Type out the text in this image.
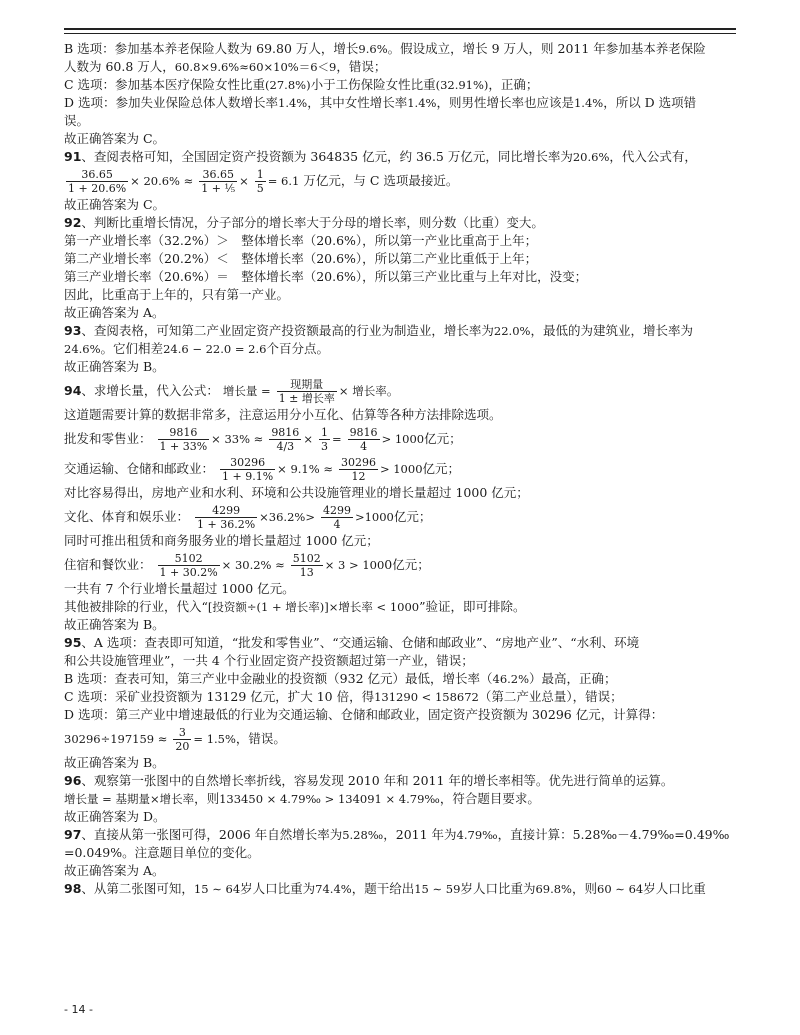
B 选项：参加基本养老保险人数为 69.80 万人，增长9.6%。假设成立，增长 9 万人，则 2011 年参加基本养老保险
人数为 60.8 万人，60.8×9.6%≈60×10%＝6＜9，错误；
C 选项：参加基本医疗保险女性比重(27.8%)小于工伤保险女性比重(32.91%)，正确；
D 选项：参加失业保险总体人数增长率1.4%，其中女性增长率1.4%，则男性增长率也应该是1.4%，所以 D 选项错
误。
故正确答案为 C。
91、查阅表格可知，全国固定资产投资额为 364835 亿元，约 36.5 万亿元，同比增长率为20.6%，代入公式有，
$\frac{36.65}{1 + 20.6\%} \times 20.6\% \approx \frac{36.65}{\text{1 + ⅕}} \times \frac{1}{5} = 6.1$ 万亿元，与 C 选项最接近。
故正确答案为 C。
92、判断比重增长情况，分子部分的增长率大于分母的增长率，则分数（比重）变大。
第一产业增长率（32.2%）＞　整体增长率（20.6%），所以第一产业比重高于上年；
第二产业增长率（20.2%）＜　整体增长率（20.6%），所以第二产业比重低于上年；
第三产业增长率（20.6%）＝　整体增长率（20.6%），所以第三产业比重与上年对比，没变；
因此，比重高于上年的，只有第一产业。
故正确答案为 A。
93、查阅表格，可知第二产业固定资产投资额最高的行业为制造业，增长率为22.0%，最低的为建筑业，增长率为
24.6%。它们相差24.6 − 22.0 = 2.6个百分点。
故正确答案为 B。
94、求增长量，代入公式： 增长量 = $\frac{\text{现期量}}{\text{1 ± 增长率}}$ × 增长率。
这道题需要计算的数据非常多，注意运用分小互化、估算等各种方法排除选项。
批发和零售业： $\frac{9816}{1 + 33\%} \times 33\% \approx \frac{9816}{4/3} \times \frac{1}{3} = \frac{9816}{4} > 1000$亿元；
交通运输、仓储和邮政业： $\frac{30296}{1 + 9.1\%} \times 9.1\% \approx \frac{30296}{12} > 1000$亿元；
对比容易得出，房地产业和水利、环境和公共设施管理业的增长量超过 1000 亿元；
文化、体育和娱乐业： $\frac{4299}{1 + 36.2\%} \times 36.2\%> \frac{4299}{4} >1000$亿元；
同时可推出租赁和商务服务业的增长量超过 1000 亿元；
住宿和餐饮业： $\frac{5102}{1 + 30.2\%} \times 30.2\% \approx \frac{5102}{13} \times 3 > 1000$亿元；
一共有 7 个行业增长量超过 1000 亿元。
其他被排除的行业，代入“[投资额÷(1 + 增长率)]×增长率 < 1000”验证，即可排除。
故正确答案为 B。
95、A 选项：查表即可知道，“批发和零售业”、“交通运输、仓储和邮政业”、“房地产业”、“水利、环境
和公共设施管理业”，一共 4 个行业固定资产投资额超过第一产业，错误；
B 选项：查表可知，第三产业中金融业的投资额（932 亿元）最低，增长率（46.2%）最高，正确；
C 选项：采矿业投资额为 13129 亿元，扩大 10 倍，得131290 < 158672（第二产业总量），错误；
D 选项：第三产业中增速最低的行业为交通运输、仓储和邮政业，固定资产投资额为 30296 亿元，计算得：
$30296\div 197159 \approx \frac{3}{20} = 1.5\%$，错误。
故正确答案为 B。
96、观察第一张图中的自然增长率折线，容易发现 2010 年和 2011 年的增长率相等。优先进行简单的运算。
增长量 = 基期量×增长率，则133450 × 4.79‰ > 134091 × 4.79‰，符合题目要求。
故正确答案为 D。
97、直接从第一张图可得，2006 年自然增长率为5.28‰，2011 年为4.79‰，直接计算：5.28‰－4.79‰=0.49‰
=0.049%。注意题目单位的变化。
故正确答案为 A。
98、从第二张图可知，15 ∼ 64岁人口比重为74.4%，题干给出15 ∼ 59岁人口比重为69.8%，则60 ∼ 64岁人口比重
- 14 -
